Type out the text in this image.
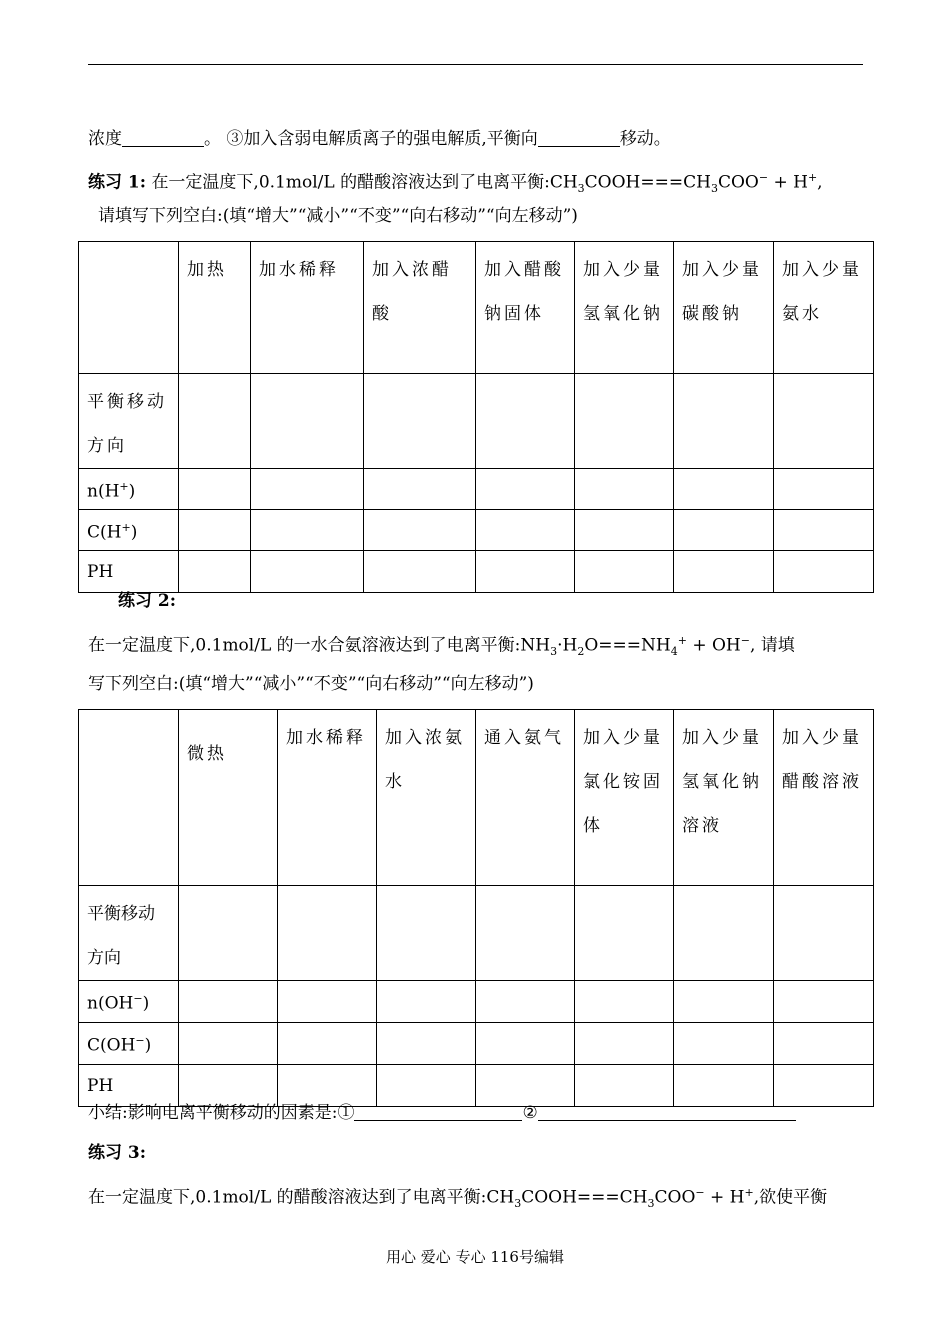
浓度	。 ③加入含弱电解质离子的强电解质,平衡向	移动。
练习 1: 在一定温度下,0.1mol/L 的醋酸溶液达到了电离平衡$:CH_3COOH===CH_3COO^- + H^+$,
请填写下列空白:(填“增大”“减小”“不变”“向右移动”“向左移动”)
	加热	加水稀释	加入浓醋酸	加入醋酸钠固体	加入少量氢氧化钠	加入少量碳酸钠	加入少量氨水
平衡移动方向							
n(H+)							
C(H+)							
PH							
练习 2:
在一定温度下,0.1mol/L 的一水合氨溶液达到了电离平衡$:NH_3\cdot H_2O===NH_4^+ + OH^-$, 请填
写下列空白:(填“增大”“减小”“不变”“向右移动”“向左移动”)
	微热	加水稀释	加入浓氨水	通入氨气	加入少量氯化铵固体	加入少量氢氧化钠溶液	加入少量醋酸溶液
平衡移动方向							
n(OH−)							
C(OH−)							
PH							
小结:影响电离平衡移动的因素是:①	②
练习 3:
在一定温度下,0.1mol/L 的醋酸溶液达到了电离平衡$:CH_3COOH===CH_3COO^- + H^+$,欲使平衡
用心 爱心 专心 116号编辑
